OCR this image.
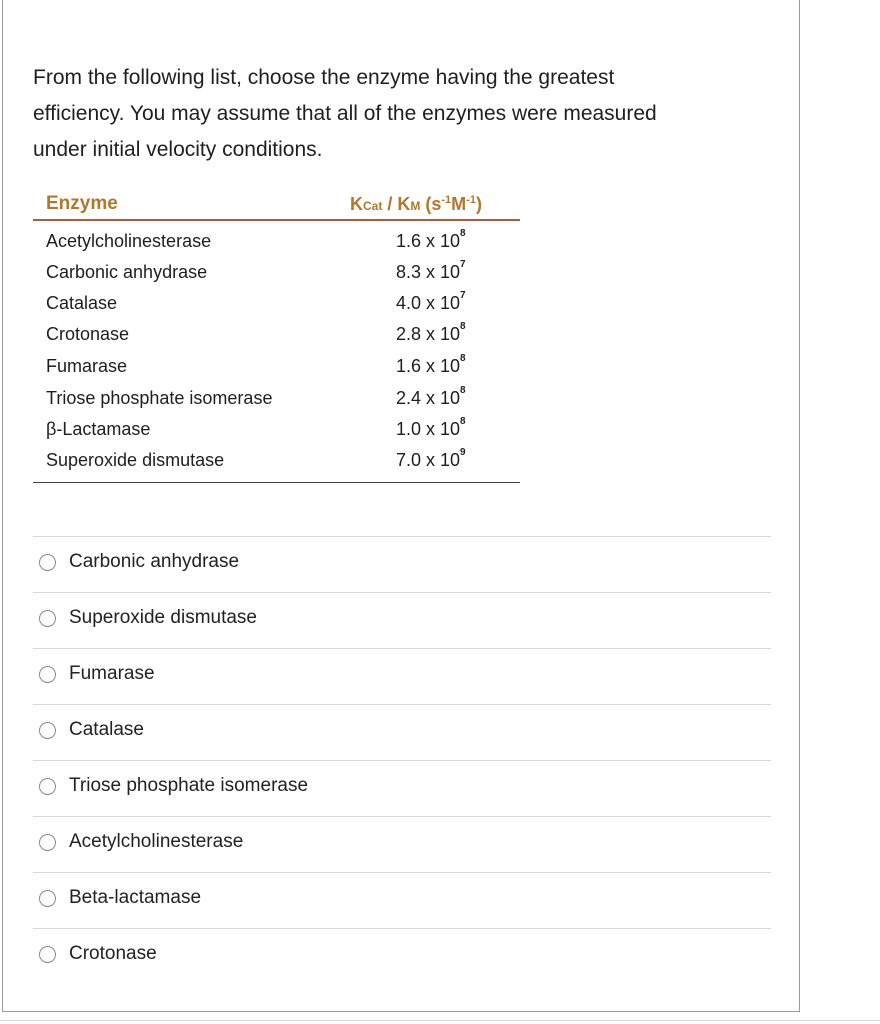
From the following list, choose the enzyme having the greatest
efficiency. You may assume that all of the enzymes were measured
under initial velocity conditions.
Enzyme	KCat / KM $(s^{-1}M^{-1})$
Acetylcholinesterase	1.6 x $10^8$
Carbonic anhydrase	8.3 x $10^7$
Catalase	4.0 x $10^7$
Crotonase	2.8 x $10^8$
Fumarase	1.6 x $10^8$
Triose phosphate isomerase	2.4 x $10^8$
β-Lactamase	1.0 x $10^8$
Superoxide dismutase	7.0 x $10^9$
Carbonic anhydrase
Superoxide dismutase
Fumarase
Catalase
Triose phosphate isomerase
Acetylcholinesterase
Beta-lactamase
Crotonase
